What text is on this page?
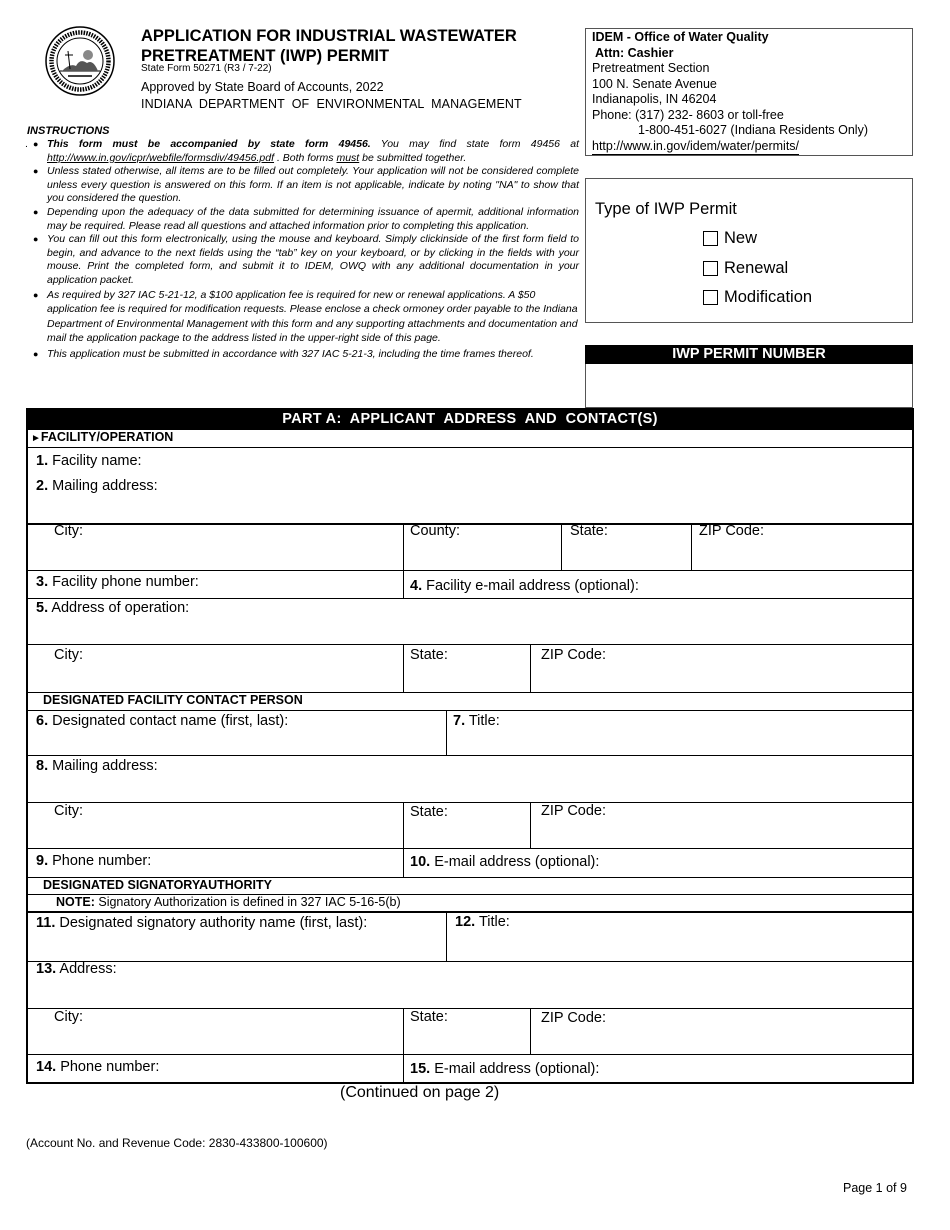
APPLICATION FOR INDUSTRIAL WASTEWATER
PRETREATMENT (IWP) PERMIT
State Form 50271 (R3 / 7-22)
Approved by State Board of Accounts, 2022
INDIANA  DEPARTMENT  OF  ENVIRONMENTAL  MANAGEMENT
INSTRUCTIONS
. ● This form must be accompanied by state form 49456. You may find state form 49456 at http://www.in.gov/icpr/webfile/formsdiv/49456.pdf . Both forms must be submitted together.
● Unless stated otherwise, all items are to be filled out completely. Your application will not be considered complete unless every question is answered on this form. If an item is not applicable, indicate by noting "NA" to show that you considered the question.
● Depending upon the adequacy of the data submitted for determining issuance of apermit, additional information may be required. Please read all questions and attached information prior to completing this application.
● You can fill out this form electronically, using the mouse and keyboard. Simply clickinside of the first form field to begin, and advance to the next fields using the “tab” key on your keyboard, or by clicking in the fields with your mouse. Print the completed form, and submit it to IDEM, OWQ with any additional documentation in your application packet.
● As required by 327 IAC 5-21-12, a $100 application fee is required for new or renewal applications. A $50 application fee is required for modification requests. Please enclose a check ormoney order payable to the Indiana Department of Environmental Management with this form and any supporting attachments and documentation and mail the application package to the address listed in the upper-right side of this page.
● This application must be submitted in accordance with 327 IAC 5-21-3, including the time frames thereof.
IDEM - Office of Water Quality
Attn: Cashier
Pretreatment Section
100 N. Senate Avenue
Indianapolis, IN 46204
Phone: (317) 232- 8603 or toll-free
1-800-451-6027 (Indiana Residents Only)
http://www.in.gov/idem/water/permits/
Type of IWP Permit
New
Renewal
Modification
IWP PERMIT NUMBER
PART A:  APPLICANT  ADDRESS  AND  CONTACT(S)
►FACILITY/OPERATION
1. Facility name:
2. Mailing address:
City:	County:	State:	ZIP Code:
3. Facility phone number:	4. Facility e-mail address (optional):
5. Address of operation:
City:	State:	ZIP Code:
DESIGNATED FACILITY CONTACT PERSON
6. Designated contact name (first, last):	7. Title:
8. Mailing address:
City:	State:	ZIP Code:
9. Phone number:	10. E-mail address (optional):
DESIGNATED SIGNATORYAUTHORITY
NOTE: Signatory Authorization is defined in 327 IAC 5-16-5(b)
11. Designated signatory authority name (first, last):	12. Title:
13. Address:
City:	State:	ZIP Code:
14. Phone number:	15. E-mail address (optional):
(Continued on page 2)
(Account No. and Revenue Code: 2830-433800-100600)
Page 1 of 9
